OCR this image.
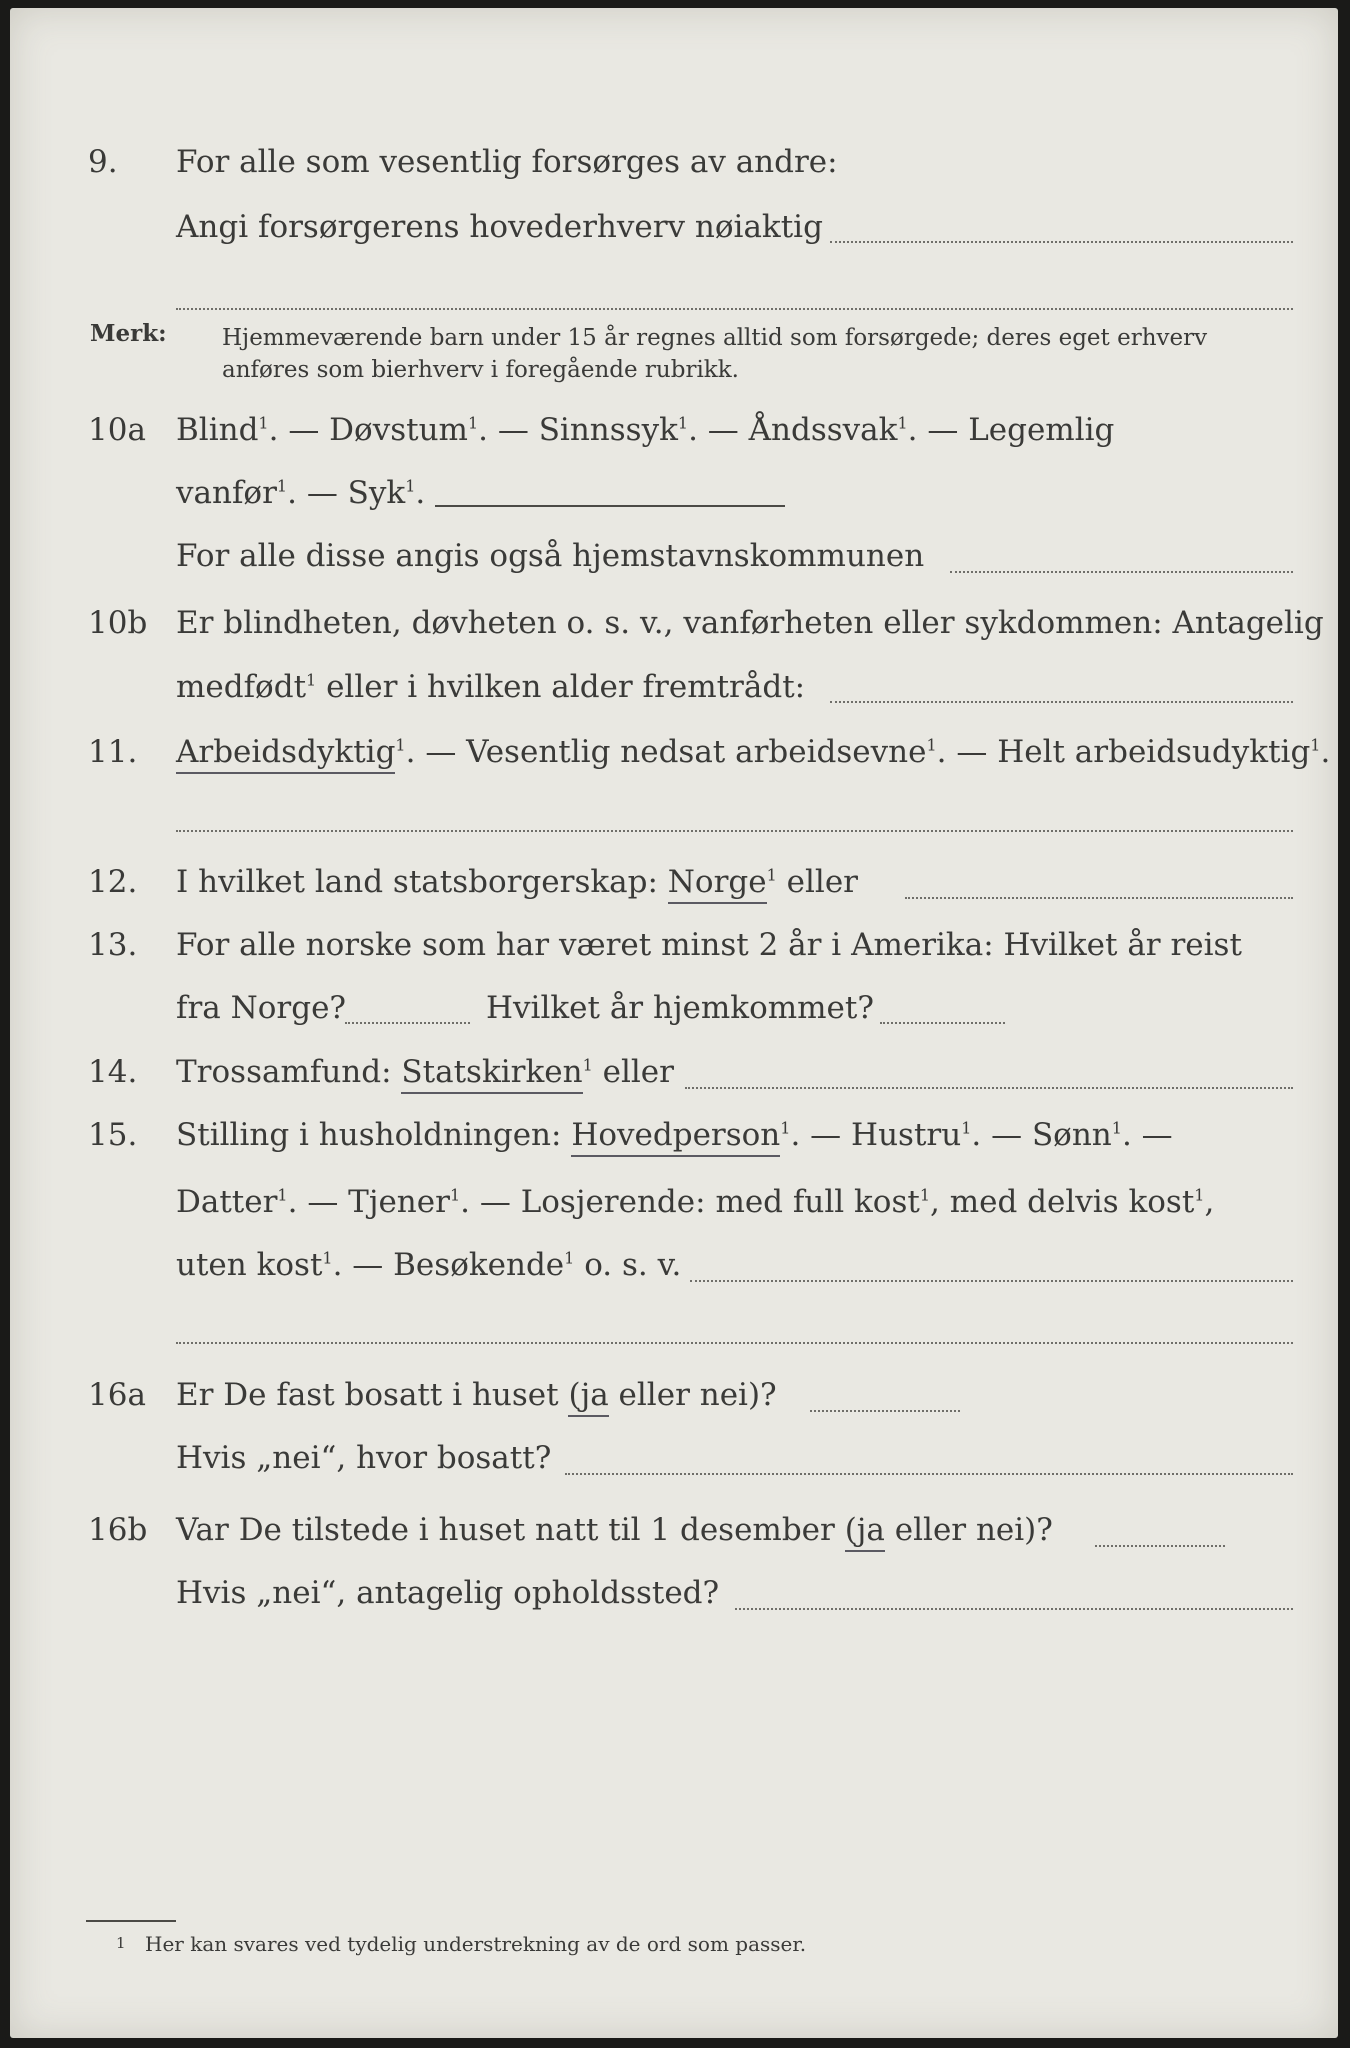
9. For alle som vesentlig forsørges av andre:
Angi forsørgerens hovederhverv nøiaktig
Merk: Hjemmeværende barn under 15 år regnes alltid som forsørgede; deres eget erhverv
anføres som bierhverv i foregående rubrikk.
10a Blind$^1$. — Døvstum$^1$. — Sinnssyk$^1$. — Åndssvak$^1$. — Legemlig
vanfør$^1$. — Syk$^1$.
For alle disse angis også hjemstavnskommunen
10b Er blindheten, døvheten o. s. v., vanførheten eller sykdommen: Antagelig
medfødt$^1$ eller i hvilken alder fremtrådt:
11. Arbeidsdyktig$^1$. — Vesentlig nedsat arbeidsevne$^1$. — Helt arbeidsudyktig$^1$.
12. I hvilket land statsborgerskap: Norge$^1$ eller
13. For alle norske som har været minst 2 år i Amerika: Hvilket år reist
fra Norge?	Hvilket år hjemkommet?
14. Trossamfund: Statskirken$^1$ eller
15. Stilling i husholdningen: Hovedperson$^1$. — Hustru$^1$. — Sønn$^1$. —
Datter$^1$. — Tjener$^1$. — Losjerende: med full kost$^1$, med delvis kost$^1$,
uten kost$^1$. — Besøkende$^1$ o. s. v.
16a Er De fast bosatt i huset (ja eller nei)?
Hvis „nei“, hvor bosatt?
16b Var De tilstede i huset natt til 1 desember (ja eller nei)?
Hvis „nei“, antagelig opholdssted?
1 Her kan svares ved tydelig understrekning av de ord som passer.
